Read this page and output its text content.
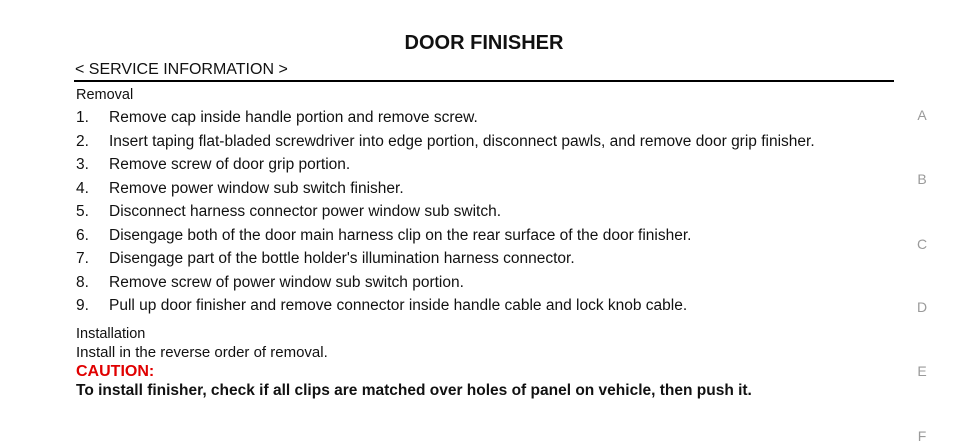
DOOR FINISHER
< SERVICE INFORMATION >
Removal
1. Remove cap inside handle portion and remove screw.
2. Insert taping flat-bladed screwdriver into edge portion, disconnect pawls, and remove door grip finisher.
3. Remove screw of door grip portion.
4. Remove power window sub switch finisher.
5. Disconnect harness connector power window sub switch.
6. Disengage both of the door main harness clip on the rear surface of the door finisher.
7. Disengage part of the bottle holder's illumination harness connector.
8. Remove screw of power window sub switch portion.
9. Pull up door finisher and remove connector inside handle cable and lock knob cable.
Installation
Install in the reverse order of removal.
CAUTION:
To install finisher, check if all clips are matched over holes of panel on vehicle, then push it.
A
B
C
D
E
F
